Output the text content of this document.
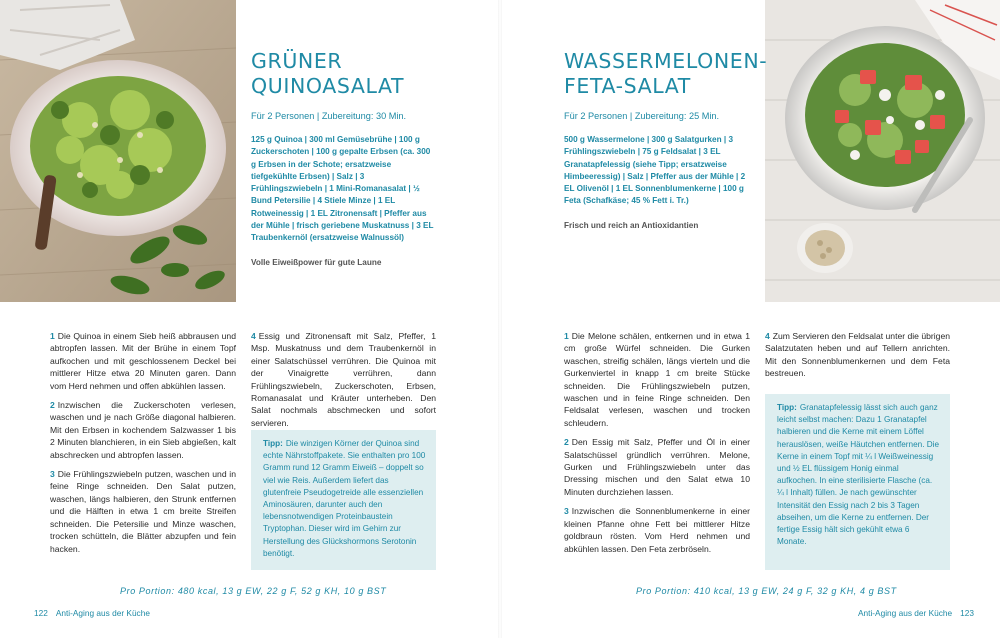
GRÜNER
QUINOASALAT
Für 2 Personen | Zubereitung: 30 Min.
125 g Quinoa | 300 ml Gemüsebrühe | 100 g Zuckerschoten | 100 g gepalte Erbsen (ca. 300 g Erbsen in der Schote; ersatzweise tiefgekühlte Erbsen) | Salz | 3 Frühlingszwiebeln | 1 Mini-Romanasalat | ½ Bund Petersilie | 4 Stiele Minze | 1 EL Rotweinessig | 1 EL Zitronensaft | Pfeffer aus der Mühle | frisch geriebene Muskatnuss | 3 EL Traubenkernöl (ersatzweise Walnussöl)
Volle Eiweißpower für gute Laune
WASSERMELONEN-
FETA-SALAT
Für 2 Personen | Zubereitung: 25 Min.
500 g Wassermelone | 300 g Salatgurken | 3 Frühlingszwiebeln | 75 g Feldsalat | 3 EL Granatapfelessig (siehe Tipp; ersatzweise Himbeeressig) | Salz | Pfeffer aus der Mühle | 2 EL Olivenöl | 1 EL Sonnenblumenkerne | 100 g Feta (Schafkäse; 45 % Fett i. Tr.)
Frisch und reich an Antioxidantien

1 Die Quinoa in einem Sieb heiß abbrausen und abtropfen lassen. Mit der Brühe in einem Topf aufkochen und mit geschlossenem Deckel bei mittlerer Hitze etwa 20 Minuten garen. Dann vom Herd nehmen und offen abkühlen lassen.

2 Inzwischen die Zuckerschoten verlesen, waschen und je nach Größe diagonal halbieren. Mit den Erbsen in kochendem Salzwasser 1 bis 2 Minuten blanchieren, in ein Sieb abgießen, kalt abschrecken und abtropfen lassen.

3 Die Frühlingszwiebeln putzen, waschen und in feine Ringe schneiden. Den Salat putzen, waschen, längs halbieren, den Strunk entfernen und die Hälften in etwa 1 cm breite Streifen schneiden. Die Petersilie und Minze waschen, trocken schütteln, die Blätter abzupfen und fein hacken.

4 Essig und Zitronensaft mit Salz, Pfeffer, 1 Msp. Muskatnuss und dem Traubenkernöl in einer Salatschüssel verrühren. Die Quinoa mit der Vinaigrette verrühren, dann Frühlingszwiebeln, Zuckerschoten, Erbsen, Romanasalat und Kräuter unterheben. Den Salat nochmals abschmecken und sofort servieren.

Tipp: Die winzigen Körner der Quinoa sind echte Nährstoffpakete. Sie enthalten pro 100 Gramm rund 12 Gramm Eiweiß – doppelt so viel wie Reis. Außerdem liefert das glutenfreie Pseudogetreide alle essenziellen Aminosäuren, darunter auch den lebensnotwendigen Proteinbaustein Tryptophan. Dieser wird im Gehirn zur Herstellung des Glückshormons Serotonin benötigt.

1 Die Melone schälen, entkernen und in etwa 1 cm große Würfel schneiden. Die Gurken waschen, streifig schälen, längs vierteln und die Gurkenviertel in knapp 1 cm breite Stücke schneiden. Die Frühlingszwiebeln putzen, waschen und in feine Ringe schneiden. Den Feldsalat verlesen, waschen und trocken schleudern.

2 Den Essig mit Salz, Pfeffer und Öl in einer Salatschüssel gründlich verrühren. Melone, Gurken und Frühlingszwiebeln unter das Dressing mischen und den Salat etwa 10 Minuten durchziehen lassen.

3 Inzwischen die Sonnenblumenkerne in einer kleinen Pfanne ohne Fett bei mittlerer Hitze goldbraun rösten. Vom Herd nehmen und abkühlen lassen. Den Feta zerbröseln.

4 Zum Servieren den Feldsalat unter die übrigen Salatzutaten heben und auf Tellern anrichten. Mit den Sonnenblumenkernen und dem Feta bestreuen.

Tipp: Granatapfelessig lässt sich auch ganz leicht selbst machen: Dazu 1 Granatapfel halbieren und die Kerne mit einem Löffel herauslösen, weiße Häutchen entfernen. Die Kerne in einem Topf mit ¼ l Weißweinessig und ½ EL flüssigem Honig einmal aufkochen. In eine sterilisierte Flasche (ca. ¼ l Inhalt) füllen. Je nach gewünschter Intensität den Essig nach 2 bis 3 Tagen abseihen, um die Kerne zu entfernen. Der fertige Essig hält sich gekühlt etwa 6 Monate.
Pro Portion: 480 kcal, 13 g EW, 22 g F, 52 g KH, 10 g BST	Pro Portion: 410 kcal, 13 g EW, 24 g F, 32 g KH, 4 g BST
122 Anti-Aging aus der Küche	Anti-Aging aus der Küche 123
